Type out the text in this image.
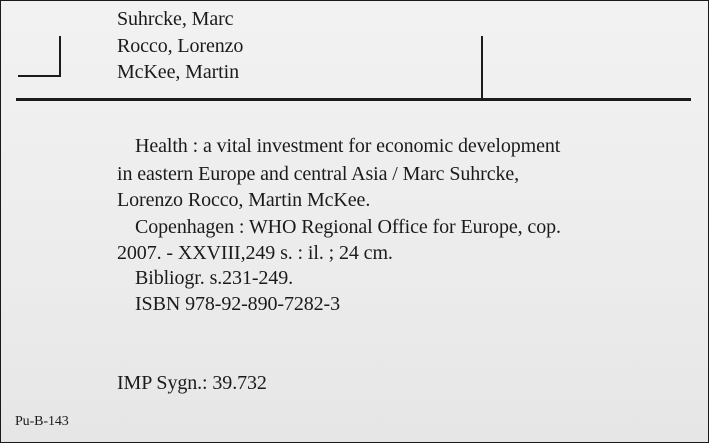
Suhrcke, Marc
Rocco, Lorenzo
McKee, Martin
Health : a vital investment for economic development
in eastern Europe and central Asia / Marc Suhrcke,
Lorenzo Rocco, Martin McKee.
Copenhagen : WHO Regional Office for Europe, cop.
2007. - XXVIII,249 s. : il. ; 24 cm.
Bibliogr. s.231-249.
ISBN 978-92-890-7282-3
IMP Sygn.: 39.732
Pu-B-143
